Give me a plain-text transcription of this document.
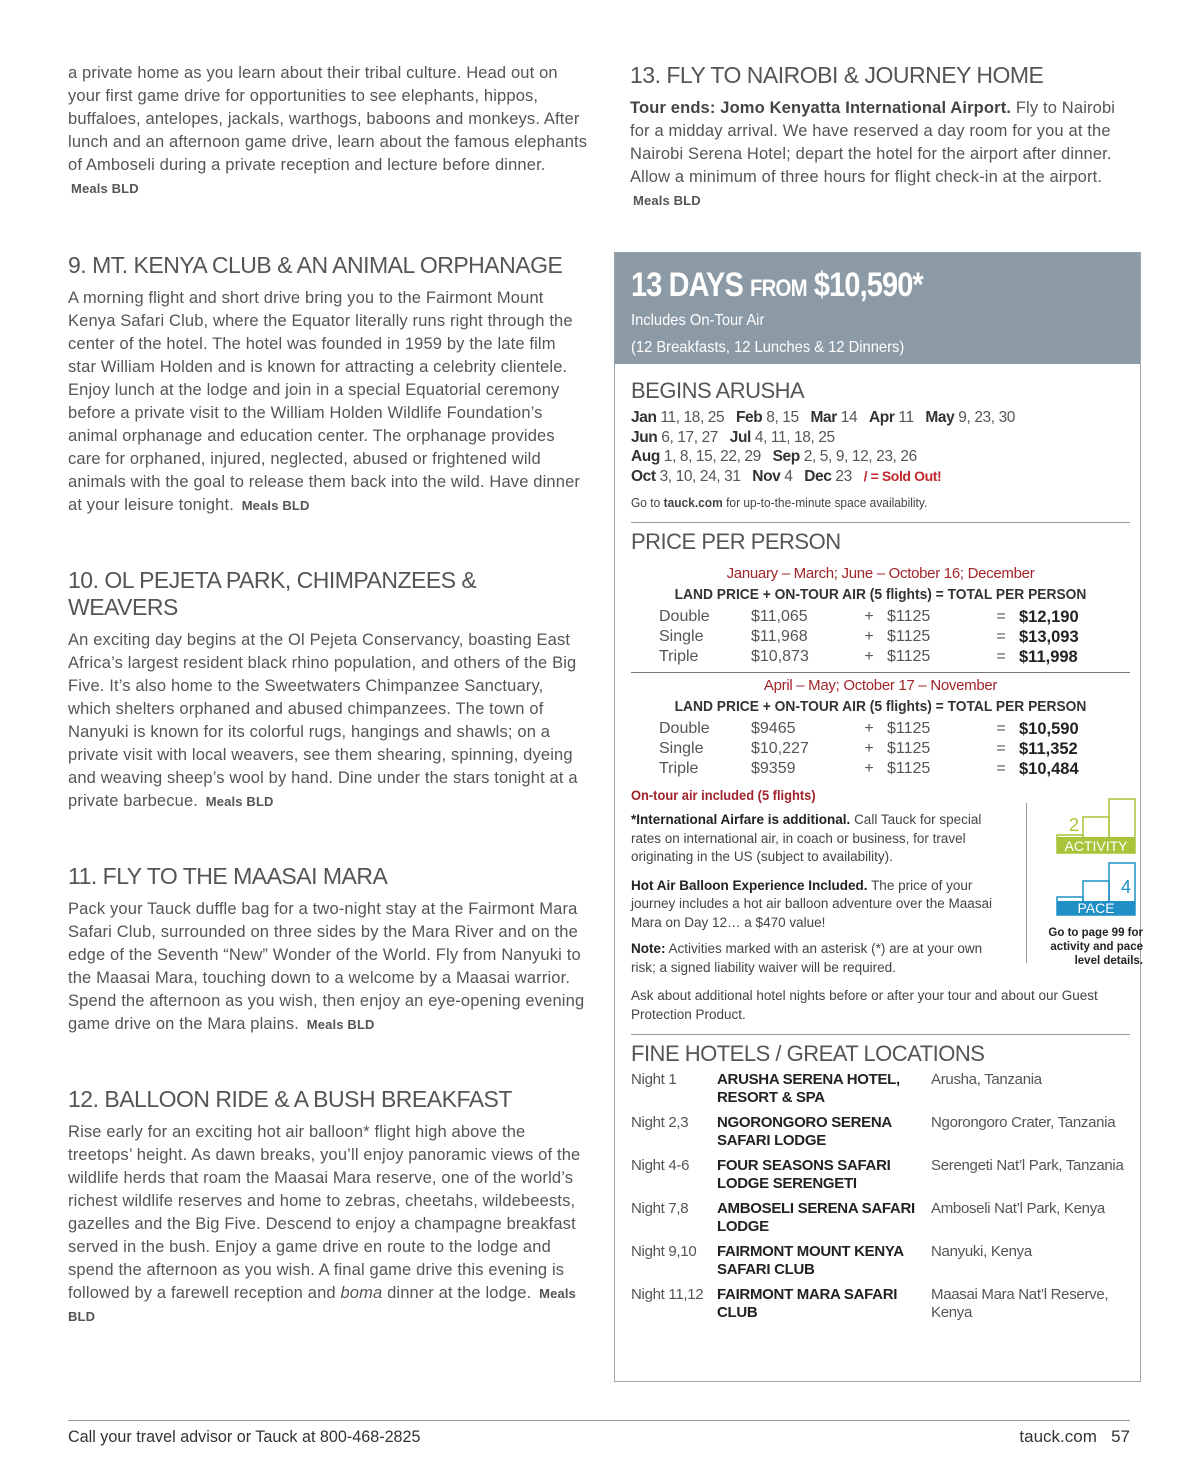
a private home as you learn about their tribal culture. Head out on your first game drive for opportunities to see elephants, hippos, buffaloes, antelopes, jackals, warthogs, baboons and monkeys. After lunch and an afternoon game drive, learn about the famous elephants of Amboseli during a private reception and lecture before dinner. Meals BLD

9. MT. KENYA CLUB & AN ANIMAL ORPHANAGE

A morning flight and short drive bring you to the Fairmont Mount Kenya Safari Club, where the Equator literally runs right through the center of the hotel. The hotel was founded in 1959 by the late film star William Holden and is known for attracting a celebrity clientele. Enjoy lunch at the lodge and join in a special Equatorial ceremony before a private visit to the William Holden Wildlife Foundation’s animal orphanage and education center. The orphanage provides care for orphaned, injured, neglected, abused or frightened wild animals with the goal to release them back into the wild. Have dinner at your leisure tonight. Meals BLD

10. OL PEJETA PARK, CHIMPANZEES & WEAVERS

An exciting day begins at the Ol Pejeta Conservancy, boasting East Africa’s largest resident black rhino population, and others of the Big Five. It’s also home to the Sweetwaters Chimpanzee Sanctuary, which shelters orphaned and abused chimpanzees. The town of Nanyuki is known for its colorful rugs, hangings and shawls; on a private visit with local weavers, see them shearing, spinning, dyeing and weaving sheep’s wool by hand. Dine under the stars tonight at a private barbecue. Meals BLD

11. FLY TO THE MAASAI MARA

Pack your Tauck duffle bag for a two-night stay at the Fairmont Mara Safari Club, surrounded on three sides by the Mara River and on the edge of the Seventh “New” Wonder of the World. Fly from Nanyuki to the Maasai Mara, touching down to a welcome by a Maasai warrior. Spend the afternoon as you wish, then enjoy an eye-opening evening game drive on the Mara plains. Meals BLD

12. BALLOON RIDE & A BUSH BREAKFAST

Rise early for an exciting hot air balloon* flight high above the treetops’ height. As dawn breaks, you’ll enjoy panoramic views of the wildlife herds that roam the Maasai Mara reserve, one of the world’s richest wildlife reserves and home to zebras, cheetahs, wildebeests, gazelles and the Big Five. Descend to enjoy a champagne breakfast served in the bush. Enjoy a game drive en route to the lodge and spend the afternoon as you wish. A final game drive this evening is followed by a farewell reception and boma dinner at the lodge. Meals BLD

13. FLY TO NAIROBI & JOURNEY HOME

Tour ends: Jomo Kenyatta International Airport. Fly to Nairobi for a midday arrival. We have reserved a day room for you at the Nairobi Serena Hotel; depart the hotel for the airport after dinner. Allow a minimum of three hours for flight check-in at the airport. Meals BLD

13 DAYS FROM $10,590*
Includes On-Tour Air
(12 Breakfasts, 12 Lunches & 12 Dinners)
BEGINS ARUSHA
Jan 11, 18, 25 Feb 8, 15 Mar 14 Apr 11 May 9, 23, 30
Jun 6, 17, 27 Jul 4, 11, 18, 25
Aug 1, 8, 15, 22, 29 Sep 2, 5, 9, 12, 23, 26
Oct 3, 10, 24, 31 Nov 4 Dec 23 / = Sold Out!
Go to tauck.com for up-to-the-minute space availability.
PRICE PER PERSON
January – March; June – October 16; December
LAND PRICE + ON-TOUR AIR (5 flights) = TOTAL PER PERSON
Double	$11,065	+	$1125	=	$12,190
Single	$11,968	+	$1125	=	$13,093
Triple	$10,873	+	$1125	=	$11,998
April – May; October 17 – November
LAND PRICE + ON-TOUR AIR (5 flights) = TOTAL PER PERSON
Double	$9465	+	$1125	=	$10,590
Single	$10,227	+	$1125	=	$11,352
Triple	$9359	+	$1125	=	$10,484
On-tour air included (5 flights)
*International Airfare is additional. Call Tauck for special rates on international air, in coach or business, for travel originating in the US (subject to availability).
Hot Air Balloon Experience Included. The price of your journey includes a hot air balloon adventure over the Maasai Mara on Day 12… a $470 value!
Note: Activities marked with an asterisk (*) are at your own risk; a signed liability waiver will be required.
Ask about additional hotel nights before or after your tour and about our Guest Protection Product.
2
ACTIVITY
4
PACE
Go to page 99 for activity and pace level details.
FINE HOTELS / GREAT LOCATIONS
Night 1	ARUSHA SERENA HOTEL, RESORT & SPA	Arusha, Tanzania
Night 2,3	NGORONGORO SERENA SAFARI LODGE	Ngorongoro Crater, Tanzania
Night 4-6	FOUR SEASONS SAFARI LODGE SERENGETI	Serengeti Nat’l Park, Tanzania
Night 7,8	AMBOSELI SERENA SAFARI LODGE	Amboseli Nat’l Park, Kenya
Night 9,10	FAIRMONT MOUNT KENYA SAFARI CLUB	Nanyuki, Kenya
Night 11,12	FAIRMONT MARA SAFARI CLUB	Maasai Mara Nat’l Reserve, Kenya
Call your travel advisor or Tauck at 800-468-2825	tauck.com 57
